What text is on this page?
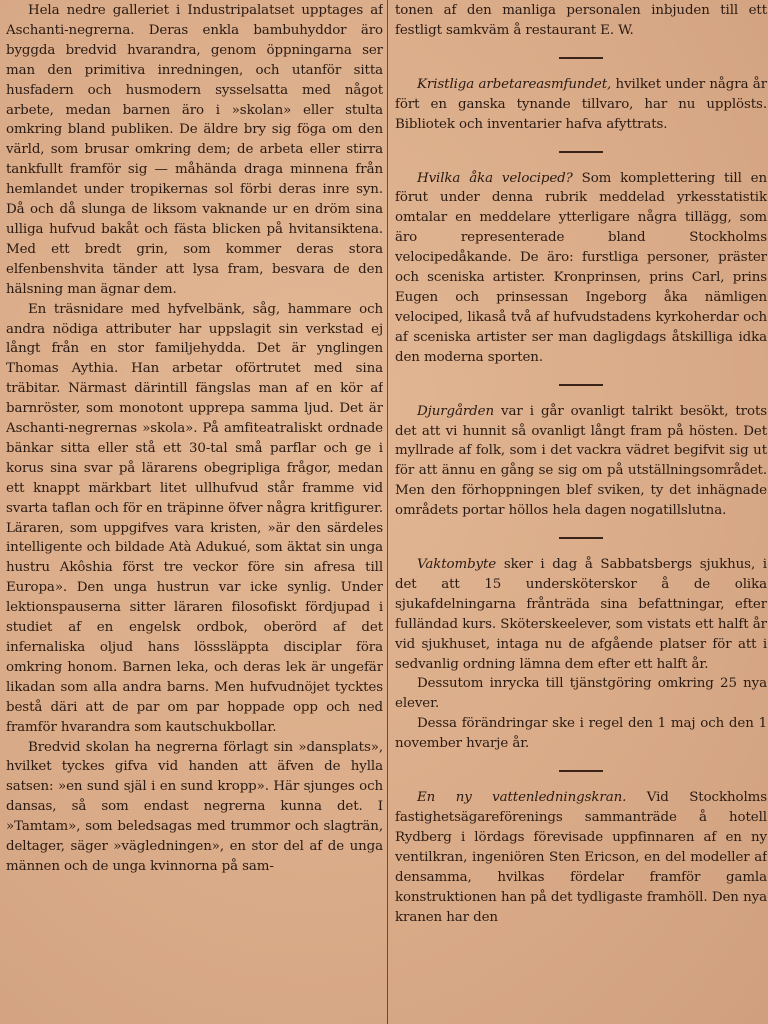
Hela nedre galleriet i Industripalatset upptages af Aschanti-negrerna. Deras enkla bambuhyddor äro byggda bredvid hvarandra, genom öppningarna ser man den primitiva inredningen, och utanför sitta husfadern och husmodern sysselsatta med något arbete, medan barnen äro i »skolan» eller stulta omkring bland publiken. De äldre bry sig föga om den värld, som brusar omkring dem; de arbeta eller stirra tankfullt framför sig — måhända draga minnena från hemlandet under tropikernas sol förbi deras inre syn. Då och då slunga de liksom vaknande ur en dröm sina ulliga hufvud bakåt och fästa blicken på hvitansiktena. Med ett bredt grin, som kommer deras stora elfenbenshvita tänder att lysa fram, besvara de den hälsning man ägnar dem.

En träsnidare med hyfvelbänk, såg, hammare och andra nödiga attributer har uppslagit sin verkstad ej långt från en stor familjehydda. Det är ynglingen Thomas Aythia. Han arbetar oförtrutet med sina träbitar. Närmast därintill fängslas man af en kör af barnröster, som monotont upprepa samma ljud. Det är Aschanti-negrernas »skola». På amfiteatraliskt ordnade bänkar sitta eller stå ett 30-tal små parflar och ge i korus sina svar på lärarens obegripliga frågor, medan ett knappt märkbart litet ullhufvud står framme vid svarta taflan och för en träpinne öfver några kritfigurer. Läraren, som uppgifves vara kristen, »är den särdeles intelligente och bildade Atà Adukué, som äktat sin unga hustru Akôshia först tre veckor före sin afresa till Europa». Den unga hustrun var icke synlig. Under lektionspauserna sitter läraren filosofiskt fördjupad i studiet af en engelsk ordbok, oberörd af det infernaliska oljud hans lösssläppta disciplar föra omkring honom. Barnen leka, och deras lek är ungefär likadan som alla andra barns. Men hufvudnöjet tycktes bestå däri att de par om par hoppade opp och ned framför hvarandra som kautschukbollar.

Bredvid skolan ha negrerna förlagt sin »dansplats», hvilket tyckes gifva vid handen att äfven de hylla satsen: »en sund själ i en sund kropp». Här sjunges och dansas, så som endast negrerna kunna det. I »Tamtam», som beledsagas med trummor och slagträn, deltager, säger »vägledningen», en stor del af de unga männen och de unga kvinnorna på sam-

tonen af den manliga personalen inbjuden till ett festligt samkväm å restaurant E. W.

Kristliga arbetareasmfundet, hvilket under några år fört en ganska tynande tillvaro, har nu upplösts. Bibliotek och inventarier hafva afyttrats.

Hvilka åka velociped? Som komplettering till en förut under denna rubrik meddelad yrkesstatistik omtalar en meddelare ytterligare några tillägg, som äro representerade bland Stockholms velocipedåkande. De äro: furstliga personer, präster och sceniska artister. Kronprinsen, prins Carl, prins Eugen och prinsessan Ingeborg åka nämligen velociped, likaså två af hufvudstadens kyrkoherdar och af sceniska artister ser man dagligdags åtskilliga idka den moderna sporten.

Djurgården var i går ovanligt talrikt besökt, trots det att vi hunnit så ovanligt långt fram på hösten. Det myllrade af folk, som i det vackra vädret begifvit sig ut för att ännu en gång se sig om på utställningsområdet. Men den förhoppningen blef sviken, ty det inhägnade områdets portar höllos hela dagen nogatillslutna.

Vaktombyte sker i dag å Sabbatsbergs sjukhus, i det att 15 undersköterskor å de olika sjukafdelningarna frånträda sina befattningar, efter fulländad kurs. Sköterskeelever, som vistats ett halft år vid sjukhuset, intaga nu de afgående platser för att i sedvanlig ordning lämna dem efter ett halft år.

Dessutom inrycka till tjänstgöring omkring 25 nya elever.

Dessa förändringar ske i regel den 1 maj och den 1 november hvarje år.

En ny vattenledningskran. Vid Stockholms fastighetsägareförenings sammanträde å hotell Rydberg i lördags förevisade uppfinnaren af en ny ventilkran, ingeniören Sten Ericson, en del modeller af densamma, hvilkas fördelar framför gamla konstruktionen han på det tydligaste framhöll. Den nya kranen har den
